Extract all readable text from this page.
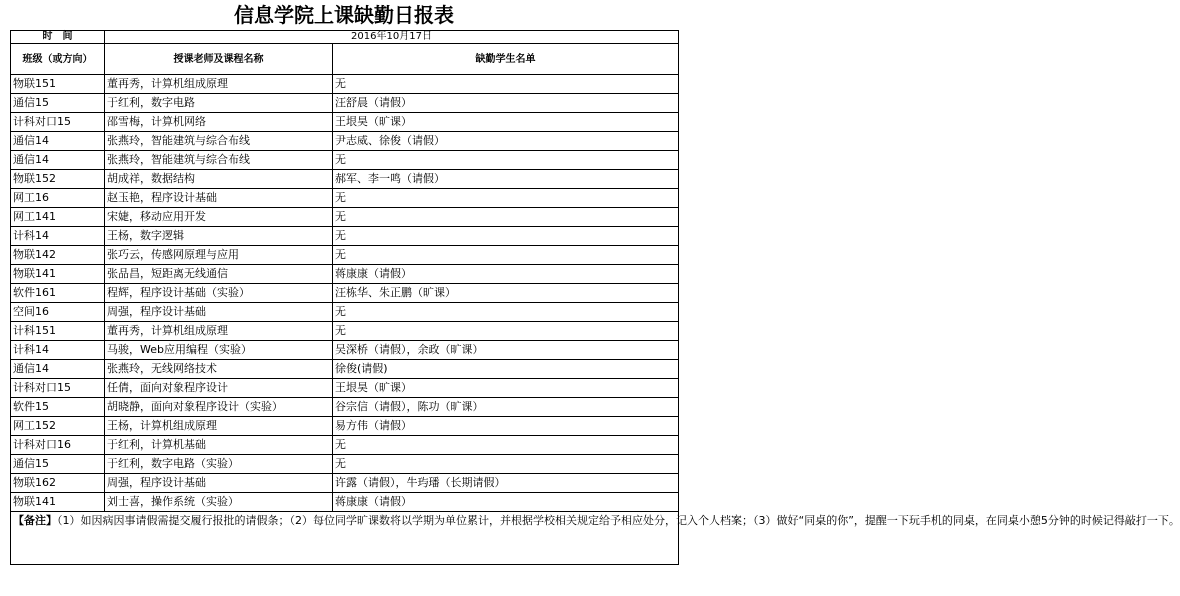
信息学院上课缺勤日报表
时　间	2016年10月17日	
班级（或方向）	授课老师及课程名称	缺勤学生名单
物联151	董再秀，计算机组成原理	无
通信15	于红利，数字电路	汪舒晨（请假）
计科对口15	邵雪梅，计算机网络	王垠昊（旷课）
通信14	张燕玲，智能建筑与综合布线	尹志威、徐俊（请假）
通信14	张燕玲，智能建筑与综合布线	无
物联152	胡成祥，数据结构	郝军、李一鸣（请假）
网工16	赵玉艳，程序设计基础	无
网工141	宋婕，移动应用开发	无
计科14	王杨，数字逻辑	无
物联142	张巧云，传感网原理与应用	无
物联141	张品昌，短距离无线通信	蒋康康（请假）
软件161	程辉，程序设计基础（实验）	汪栋华、朱正鹏（旷课）
空间16	周强，程序设计基础	无
计科151	董再秀，计算机组成原理	无
计科14	马骏，Web应用编程（实验）	吴深桥（请假），余政（旷课）
通信14	张燕玲，无线网络技术	徐俊(请假)
计科对口15	任倩，面向对象程序设计	王垠昊（旷课）
软件15	胡晓静，面向对象程序设计（实验）	谷宗信（请假），陈功（旷课）
网工152	王杨，计算机组成原理	易方伟（请假）
计科对口16	于红利，计算机基础	无
通信15	于红利，数字电路（实验）	无
物联162	周强，程序设计基础	许露（请假），牛玙璠（长期请假）
物联141	刘士喜，操作系统（实验）	蒋康康（请假）
【备注】（1）如因病因事请假需提交履行报批的请假条；（2）每位同学旷课数将以学期为单位累计，并根据学校相关规定给予相应处分，记入个人档案；（3）做好“同桌的你”，提醒一下玩手机的同桌，在同桌小憩5分钟的时候记得敲打一下。		
